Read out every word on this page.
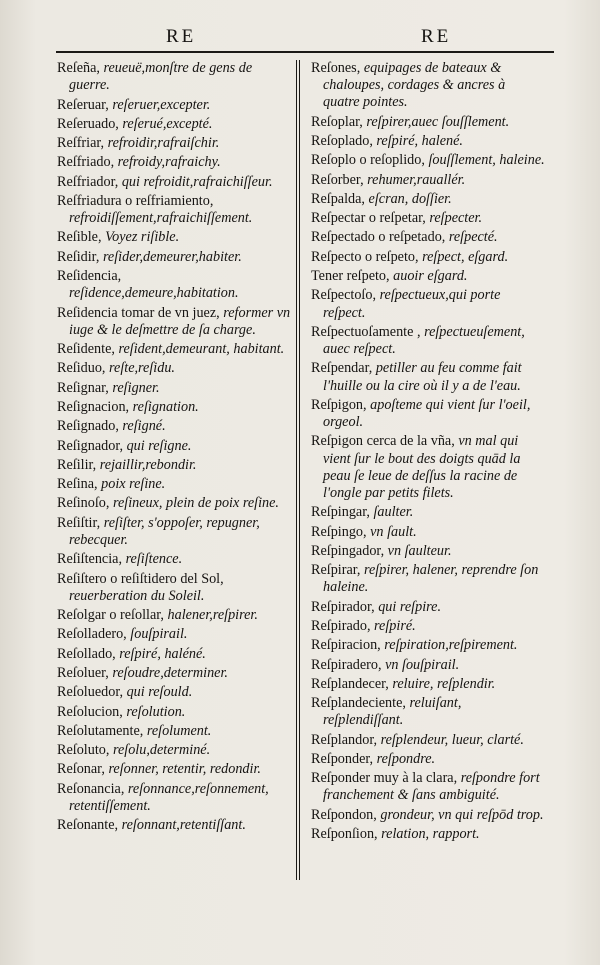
RE	RE

Reſeña, reueuë,monſtre de gens de guerre.

Reſeruar, reſeruer,excepter.

Reſeruado, reſerué,excepté.

Reſfriar, refroidir,rafraiſchir.

Reſfriado, refroidy,rafraichy.

Reſfriador, qui refroidit,rafraichiſſeur.

Reſfriadura o reſfriamiento, refroidiſſement,rafraichiſſement.

Reſible, Voyez riſible.

Reſidir, reſider,demeurer,habiter.

Reſidencia, reſidence,demeure,habitation.

Reſidencia tomar de vn juez, reformer vn iuge & le deſmettre de ſa charge.

Reſidente, reſident,demeurant, habitant.

Reſiduo, reſte,reſidu.

Reſignar, reſigner.

Reſignacion, reſignation.

Reſignado, reſigné.

Reſignador, qui reſigne.

Reſilir, rejaillir,rebondir.

Reſina, poix reſine.

Reſinoſo, reſineux, plein de poix reſine.

Reſiſtir, reſiſter, s'oppoſer, repugner, rebecquer.

Reſiſtencia, reſiſtence.

Reſiſtero o reſiſtidero del Sol, reuerberation du Soleil.

Reſolgar o reſollar, halener,reſpirer.

Reſolladero, ſouſpirail.

Reſollado, reſpiré, haléné.

Reſoluer, reſoudre,determiner.

Reſoluedor, qui reſould.

Reſolucion, reſolution.

Reſolutamente, reſolument.

Reſoluto, reſolu,determiné.

Reſonar, reſonner, retentir, redondir.

Reſonancia, reſonnance,reſonnement, retentiſſement.

Reſonante, reſonnant,retentiſſant.

Reſones, equipages de bateaux & chaloupes, cordages & ancres à quatre pointes.

Reſoplar, reſpirer,auec ſouſſlement.

Reſoplado, reſpiré, halené.

Reſoplo o reſoplido, ſouſſlement, haleine.

Reſorber, rehumer,rauallér.

Reſpalda, eſcran, doſſier.

Reſpectar o reſpetar, reſpecter.

Reſpectado o reſpetado, reſpecté.

Reſpecto o reſpeto, reſpect, eſgard.

Tener reſpeto, auoir eſgard.

Reſpectoſo, reſpectueux,qui porte reſpect.

Reſpectuoſamente , reſpectueuſement, auec reſpect.

Reſpendar, petiller au feu comme fait l'huille ou la cire où il y a de l'eau.

Reſpigon, apoſteme qui vient ſur l'oeil, orgeol.

Reſpigon cerca de la vña, vn mal qui vient ſur le bout des doigts quād la peau ſe leue de deſſus la racine de l'ongle par petits filets.

Reſpingar, ſaulter.

Reſpingo, vn ſault.

Reſpingador, vn ſaulteur.

Reſpirar, reſpirer, halener, reprendre ſon haleine.

Reſpirador, qui reſpire.

Reſpirado, reſpiré.

Reſpiracion, reſpiration,reſpirement.

Reſpiradero, vn ſouſpirail.

Reſplandecer, reluire, reſplendir.

Reſplandeciente, reluiſant, reſplendiſſant.

Reſplandor, reſplendeur, lueur, clarté.

Reſponder, reſpondre.

Reſponder muy à la clara, reſpondre fort franchement & ſans ambiguité.

Reſpondon, grondeur, vn qui reſpōd trop.

Reſponſion, relation, rapport.
